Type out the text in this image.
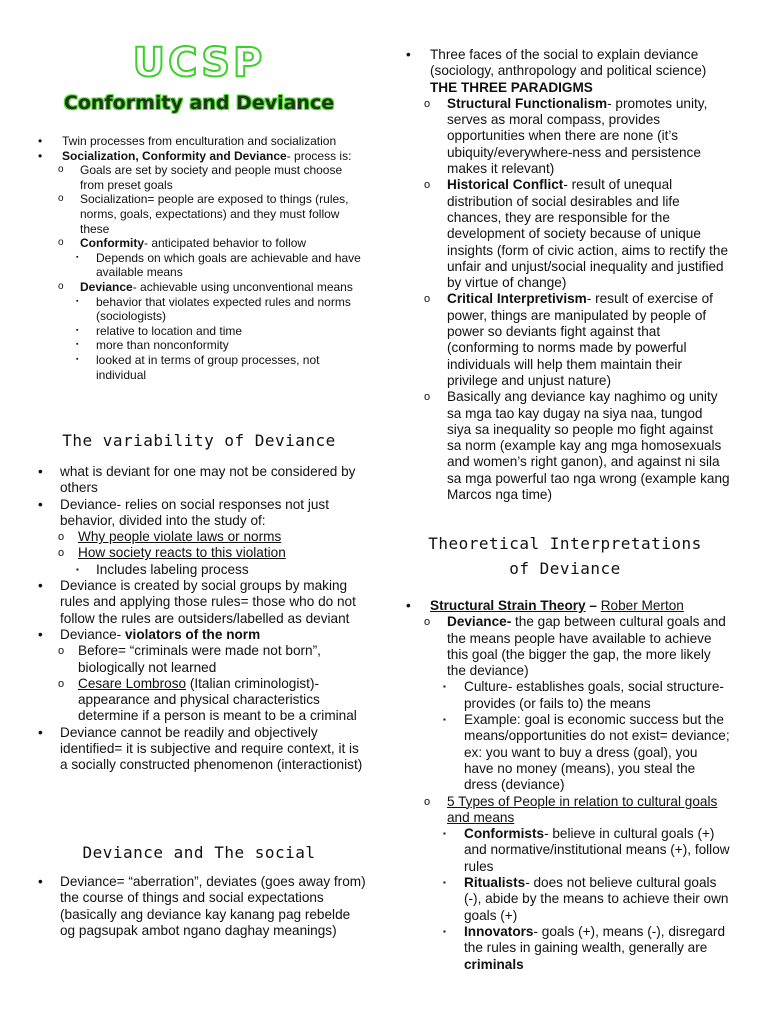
UCSP
Conformity and Deviance
• Twin processes from enculturation and socialization
• Socialization, Conformity and Deviance- process is:
o Goals are set by society and people must choose from preset goals
o Socialization= people are exposed to things (rules, norms, goals, expectations) and they must follow these
o Conformity- anticipated behavior to follow
▪ Depends on which goals are achievable and have available means
o Deviance- achievable using unconventional means
▪ behavior that violates expected rules and norms (sociologists)
▪ relative to location and time
▪ more than nonconformity
▪ looked at in terms of group processes, not individual
The variability of Deviance
• what is deviant for one may not be considered by others
• Deviance- relies on social responses not just behavior, divided into the study of:
o Why people violate laws or norms
o How society reacts to this violation
▪ Includes labeling process
• Deviance is created by social groups by making rules and applying those rules= those who do not follow the rules are outsiders/labelled as deviant
• Deviance- violators of the norm
o Before= “criminals were made not born”, biologically not learned
o Cesare Lombroso (Italian criminologist)- appearance and physical characteristics determine if a person is meant to be a criminal
• Deviance cannot be readily and objectively identified= it is subjective and require context, it is a socially constructed phenomenon (interactionist)
Deviance and The social
• Deviance= “aberration”, deviates (goes away from) the course of things and social expectations (basically ang deviance kay kanang pag rebelde og pagsupak ambot ngano daghay meanings)
• Three faces of the social to explain deviance (sociology, anthropology and political science)
THE THREE PARADIGMS
o Structural Functionalism- promotes unity, serves as moral compass, provides opportunities when there are none (it’s ubiquity/everywhere-ness and persistence makes it relevant)
o Historical Conflict- result of unequal distribution of social desirables and life chances, they are responsible for the development of society because of unique insights (form of civic action, aims to rectify the unfair and unjust/social inequality and justified by virtue of change)
o Critical Interpretivism- result of exercise of power, things are manipulated by people of power so deviants fight against that (conforming to norms made by powerful individuals will help them maintain their privilege and unjust nature)
o Basically ang deviance kay naghimo og unity sa mga tao kay dugay na siya naa, tungod siya sa inequality so people mo fight against sa norm (example kay ang mga homosexuals and women’s right ganon), and against ni sila sa mga powerful tao nga wrong (example kang Marcos nga time)
Theoretical Interpretations
of Deviance
• Structural Strain Theory – Rober Merton
o Deviance- the gap between cultural goals and the means people have available to achieve this goal (the bigger the gap, the more likely the deviance)
▪ Culture- establishes goals, social structure- provides (or fails to) the means
▪ Example: goal is economic success but the means/opportunities do not exist= deviance; ex: you want to buy a dress (goal), you have no money (means), you steal the dress (deviance)
o 5 Types of People in relation to cultural goals and means
▪ Conformists- believe in cultural goals (+) and normative/institutional means (+), follow rules
▪ Ritualists- does not believe cultural goals (-), abide by the means to achieve their own goals (+)
▪ Innovators- goals (+), means (-), disregard the rules in gaining wealth, generally are criminals
